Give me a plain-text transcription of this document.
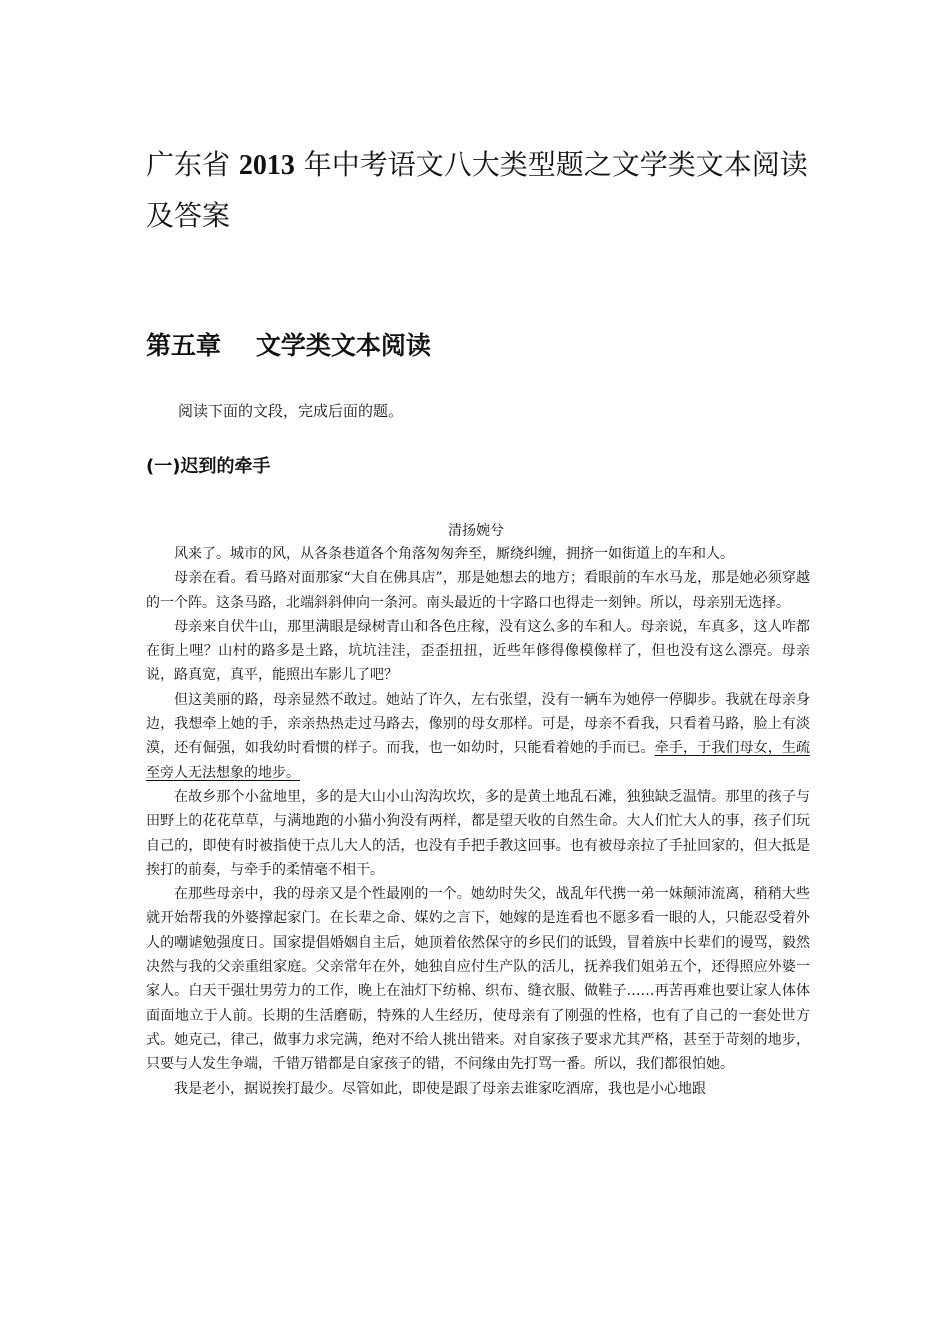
广东省 2013 年中考语文八大类型题之文学类文本阅读及答案
第五章    文学类文本阅读

阅读下面的文段，完成后面的题。

(一)迟到的牵手

清扬婉兮

风来了。城市的风，从各条巷道各个角落匆匆奔至，厮绕纠缠，拥挤一如街道上的车和人。

母亲在看。看马路对面那家“大自在佛具店”，那是她想去的地方；看眼前的车水马龙，那是她必须穿越的一个阵。这条马路，北端斜斜伸向一条河。南头最近的十字路口也得走一刻钟。所以，母亲别无选择。

母亲来自伏牛山，那里满眼是绿树青山和各色庄稼，没有这么多的车和人。母亲说，车真多，这人咋都在街上哩？山村的路多是土路，坑坑洼洼，歪歪扭扭，近些年修得像模像样了，但也没有这么漂亮。母亲说，路真宽，真平，能照出车影儿了吧？

但这美丽的路，母亲显然不敢过。她站了许久，左右张望，没有一辆车为她停一停脚步。我就在母亲身边，我想牵上她的手，亲亲热热走过马路去，像别的母女那样。可是，母亲不看我，只看着马路，脸上有淡漠，还有倔强，如我幼时看惯的样子。而我，也一如幼时，只能看着她的手而已。牵手，于我们母女，生疏至旁人无法想象的地步。

在故乡那个小盆地里，多的是大山小山沟沟坎坎，多的是黄土地乱石滩，独独缺乏温情。那里的孩子与田野上的花花草草，与满地跑的小猫小狗没有两样，都是望天收的自然生命。大人们忙大人的事，孩子们玩自己的，即使有时被指使干点儿大人的活，也没有手把手教这回事。也有被母亲拉了手扯回家的，但大抵是挨打的前奏，与牵手的柔情毫不相干。

在那些母亲中，我的母亲又是个性最刚的一个。她幼时失父，战乱年代携一弟一妹颠沛流离，稍稍大些就开始帮我的外婆撑起家门。在长辈之命、媒妁之言下，她嫁的是连看也不愿多看一眼的人，只能忍受着外人的嘲谑勉强度日。国家提倡婚姻自主后，她顶着依然保守的乡民们的诋毁，冒着族中长辈们的谩骂，毅然决然与我的父亲重组家庭。父亲常年在外，她独自应付生产队的活儿，抚养我们姐弟五个，还得照应外婆一家人。白天干强壮男劳力的工作，晚上在油灯下纺棉、织布、缝衣服、做鞋子……再苦再难也要让家人体体面面地立于人前。长期的生活磨砺，特殊的人生经历，使母亲有了刚强的性格，也有了自己的一套处世方式。她克己，律己，做事力求完满，绝对不给人挑出错来。对自家孩子要求尤其严格，甚至于苛刻的地步，只要与人发生争端，千错万错都是自家孩子的错，不问缘由先打骂一番。所以，我们都很怕她。

我是老小，据说挨打最少。尽管如此，即使是跟了母亲去谁家吃酒席，我也是小心地跟
